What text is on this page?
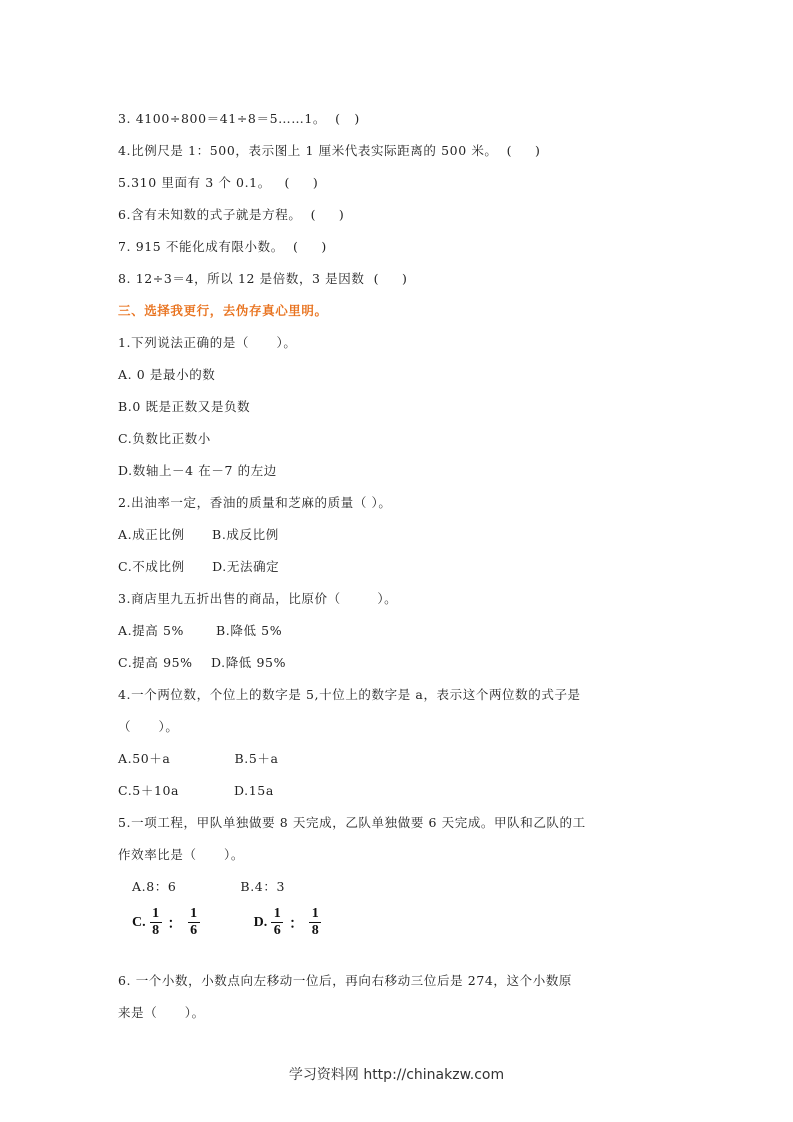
3. 4100÷800＝41÷8＝5……1。  (   )
4.比例尺是 1：500，表示图上 1 厘米代表实际距离的 500 米。  (     )
5.310 里面有 3 个 0.1。   (     )
6.含有未知数的式子就是方程。  (     )
7. 915 不能化成有限小数。  (     )
8. 12÷3＝4，所以 12 是倍数，3 是因数  (     )
三、选择我更行，去伪存真心里明。
1.下列说法正确的是（      ）。
A. 0 是最小的数
B.0 既是正数又是负数
C.负数比正数小
D.数轴上－4 在－7 的左边
2.出油率一定，香油的质量和芝麻的质量（ ）。
A.成正比例      B.成反比例
C.不成比例      D.无法确定
3.商店里九五折出售的商品，比原价（        ）。
A.提高 5%       B.降低 5%
C.提高 95%    D.降低 95%
4.一个两位数，个位上的数字是 5,十位上的数字是 a，表示这个两位数的式子是
（      ）。
A.50＋a              B.5＋a
C.5＋10a            D.15a
5.一项工程，甲队单独做要 8 天完成，乙队单独做要 6 天完成。甲队和乙队的工
作效率比是（      ）。
A.8：6              B.4：3
6. 一个小数，小数点向左移动一位后，再向右移动三位后是 274，这个小数原
来是（      ）。
C. $\frac{1}{8}$ ： $\frac{1}{6}$	D. $\frac{1}{6}$ ： $\frac{1}{8}$
学习资料网 http://chinakzw.com
